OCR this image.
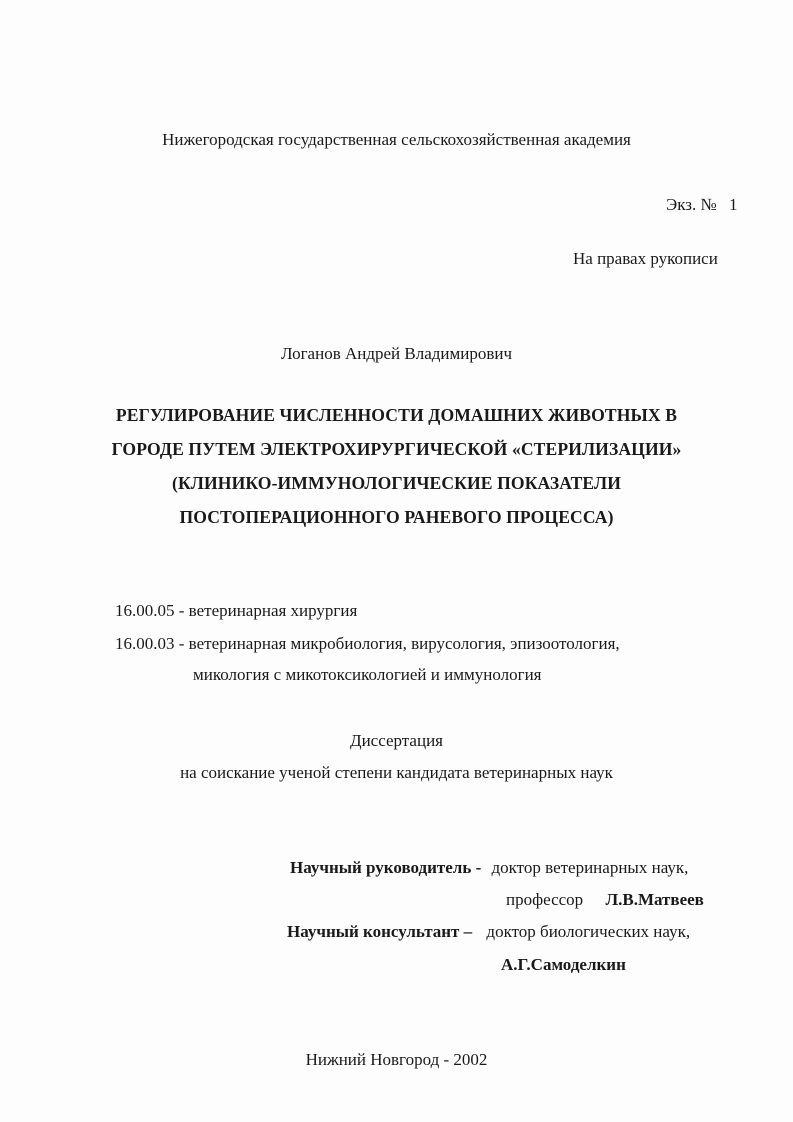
Нижегородская государственная сельскохозяйственная академия
Экз. № 1
На правах рукописи
Логанов Андрей Владимирович
РЕГУЛИРОВАНИЕ ЧИСЛЕННОСТИ ДОМАШНИХ ЖИВОТНЫХ В
ГОРОДЕ ПУТЕМ ЭЛЕКТРОХИРУРГИЧЕСКОЙ «СТЕРИЛИЗАЦИИ»
(КЛИНИКО-ИММУНОЛОГИЧЕСКИЕ ПОКАЗАТЕЛИ
ПОСТОПЕРАЦИОННОГО РАНЕВОГО ПРОЦЕССА)
16.00.05 - ветеринарная хирургия
16.00.03 - ветеринарная микробиология, вирусология, эпизоотология,
микология с микотоксикологией и иммунология
Диссертация
на соискание ученой степени кандидата ветеринарных наук
Научный руководитель - доктор ветеринарных наук,
профессор Л.В.Матвеев
Научный консультант – доктор биологических наук,
А.Г.Самоделкин
Нижний Новгород - 2002
